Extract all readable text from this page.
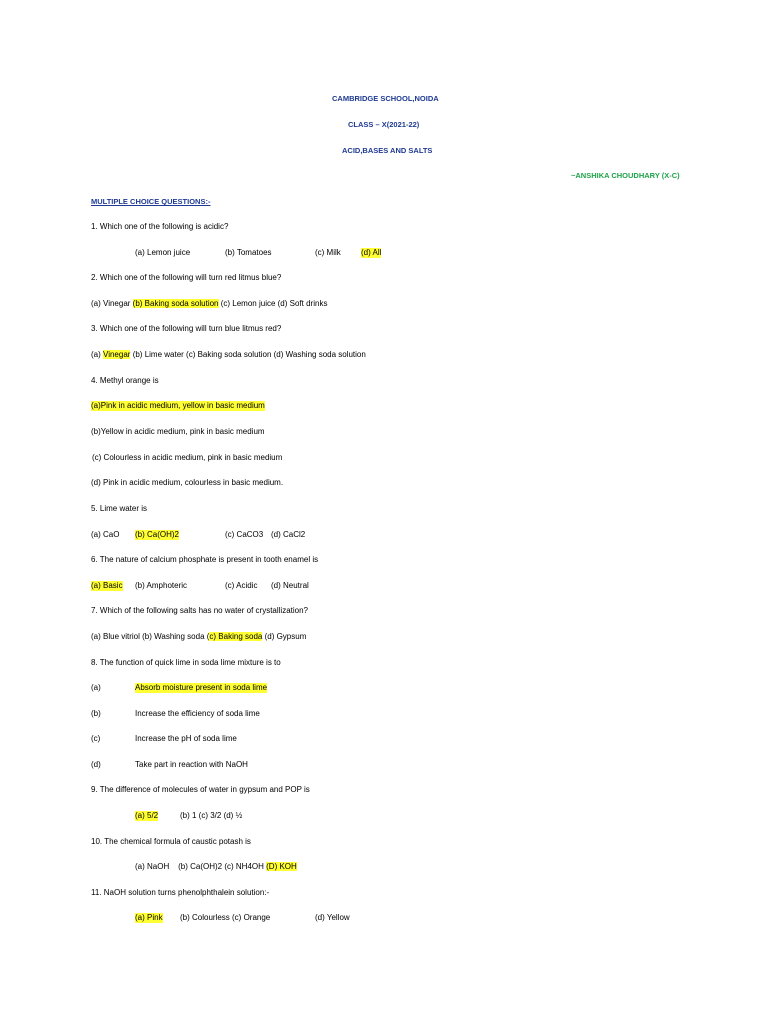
CAMBRIDGE SCHOOL,NOIDA
CLASS – X(2021-22)
ACID,BASES AND SALTS
~ANSHIKA CHOUDHARY (X-C)
MULTIPLE CHOICE QUESTIONS:-
1. Which one of the following is acidic?
(a) Lemon juice	(b) Tomatoes	(c) Milk	(d) All
2. Which one of the following will turn red litmus blue?
(a) Vinegar (b) Baking soda solution (c) Lemon juice (d) Soft drinks
3. Which one of the following will turn blue litmus red?
(a) Vinegar (b) Lime water (c) Baking soda solution (d) Washing soda solution
4. Methyl orange is
(a)Pink in acidic medium, yellow in basic medium
(b)Yellow in acidic medium, pink in basic medium
(c) Colourless in acidic medium, pink in basic medium
(d) Pink in acidic medium, colourless in basic medium.
5. Lime water is
(a) CaO (b) Ca(OH)2	(c) CaCO3 (d) CaCl2
6. The nature of calcium phosphate is present in tooth enamel is
(a) Basic (b) Amphoteric	(c) Acidic (d) Neutral
7. Which of the following salts has no water of crystallization?
(a) Blue vitriol (b) Washing soda (c) Baking soda (d) Gypsum
8. The function of quick lime in soda lime mixture is to
(a)	Absorb moisture present in soda lime
(b)	Increase the efficiency of soda lime
(c)	Increase the pH of soda lime
(d)	Take part in reaction with NaOH
9. The difference of molecules of water in gypsum and POP is
(a) 5/2	(b) 1 (c) 3/2 (d) ½
10. The chemical formula of caustic potash is
(a) NaOH (b) Ca(OH)2 (c) NH4OH (D) KOH
11. NaOH solution turns phenolphthalein solution:-
(a) Pink (b) Colourless (c) Orange	(d) Yellow
